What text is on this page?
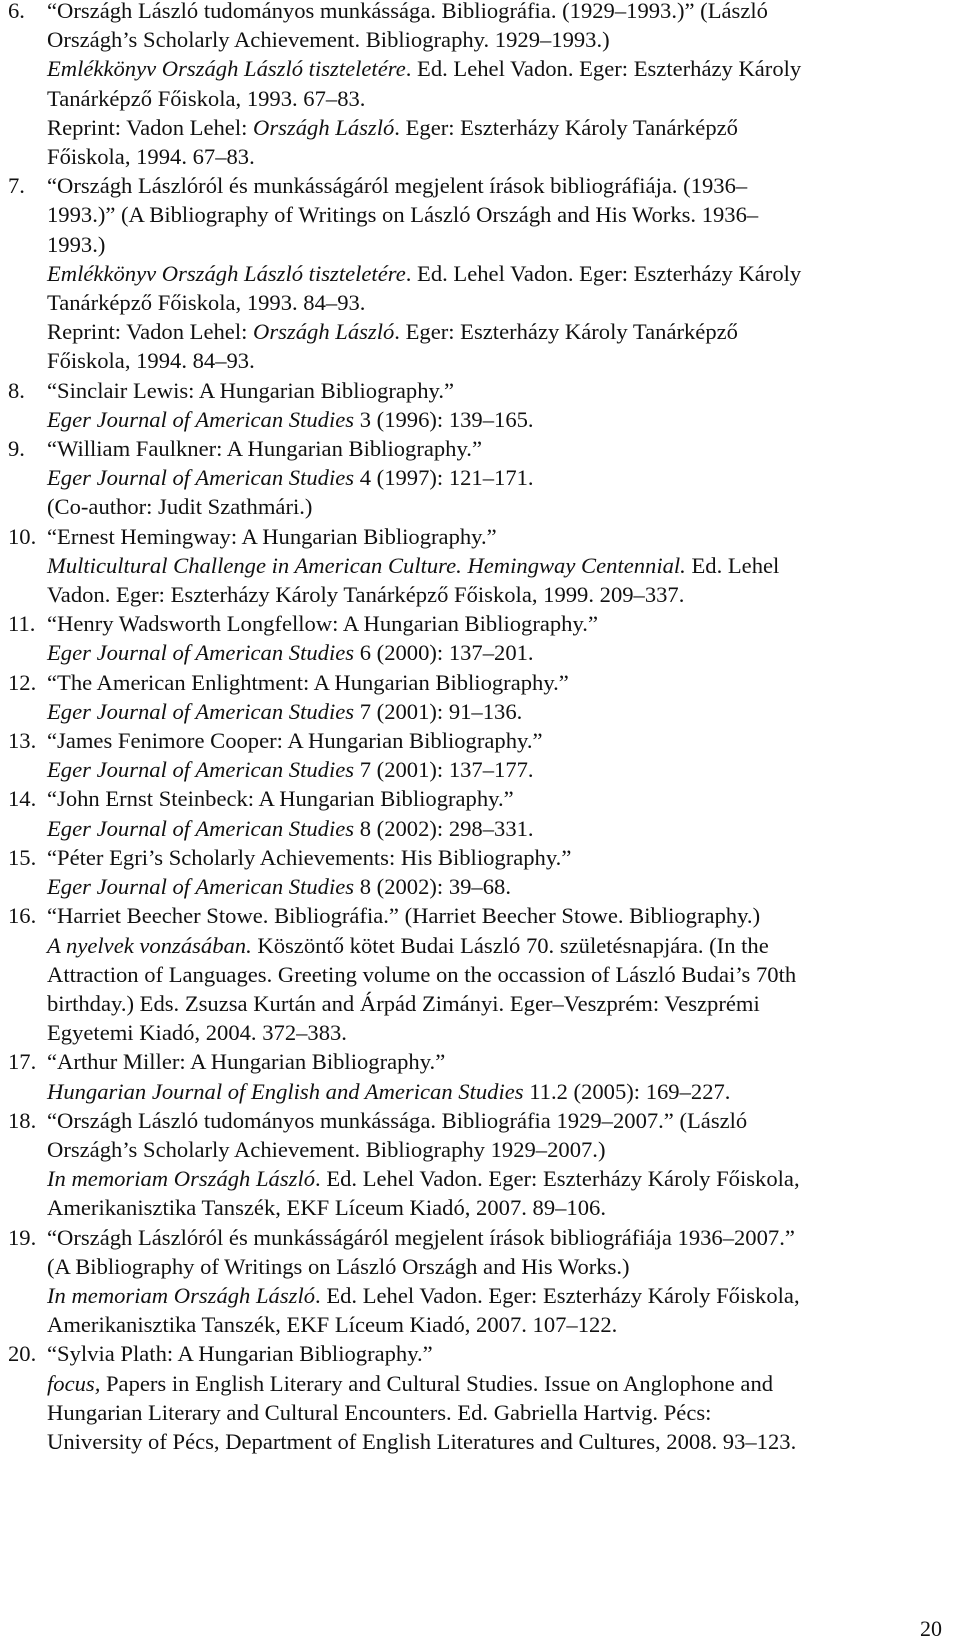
6. “Országh László tudományos munkássága. Bibliográfia. (1929–1993.)” (László
Országh’s Scholarly Achievement. Bibliography. 1929–1993.)
Emlékkönyv Országh László tiszteletére. Ed. Lehel Vadon. Eger: Eszterházy Károly
Tanárképző Főiskola, 1993. 67–83.
Reprint: Vadon Lehel: Országh László. Eger: Eszterházy Károly Tanárképző
Főiskola, 1994. 67–83.
7. “Országh Lászlóról és munkásságáról megjelent írások bibliográfiája. (1936–
1993.)” (A Bibliography of Writings on László Országh and His Works. 1936–
1993.)
Emlékkönyv Országh László tiszteletére. Ed. Lehel Vadon. Eger: Eszterházy Károly
Tanárképző Főiskola, 1993. 84–93.
Reprint: Vadon Lehel: Országh László. Eger: Eszterházy Károly Tanárképző
Főiskola, 1994. 84–93.
8. “Sinclair Lewis: A Hungarian Bibliography.”
Eger Journal of American Studies 3 (1996): 139–165.
9. “William Faulkner: A Hungarian Bibliography.”
Eger Journal of American Studies 4 (1997): 121–171.
(Co-author: Judit Szathmári.)
10. “Ernest Hemingway: A Hungarian Bibliography.”
Multicultural Challenge in American Culture. Hemingway Centennial. Ed. Lehel
Vadon. Eger: Eszterházy Károly Tanárképző Főiskola, 1999. 209–337.
11. “Henry Wadsworth Longfellow: A Hungarian Bibliography.”
Eger Journal of American Studies 6 (2000): 137–201.
12. “The American Enlightment: A Hungarian Bibliography.”
Eger Journal of American Studies 7 (2001): 91–136.
13. “James Fenimore Cooper: A Hungarian Bibliography.”
Eger Journal of American Studies 7 (2001): 137–177.
14. “John Ernst Steinbeck: A Hungarian Bibliography.”
Eger Journal of American Studies 8 (2002): 298–331.
15. “Péter Egri’s Scholarly Achievements: His Bibliography.”
Eger Journal of American Studies 8 (2002): 39–68.
16. “Harriet Beecher Stowe. Bibliográfia.” (Harriet Beecher Stowe. Bibliography.)
A nyelvek vonzásában. Köszöntő kötet Budai László 70. születésnapjára. (In the
Attraction of Languages. Greeting volume on the occassion of László Budai’s 70th
birthday.) Eds. Zsuzsa Kurtán and Árpád Zimányi. Eger–Veszprém: Veszprémi
Egyetemi Kiadó, 2004. 372–383.
17. “Arthur Miller: A Hungarian Bibliography.”
Hungarian Journal of English and American Studies 11.2 (2005): 169–227.
18. “Országh László tudományos munkássága. Bibliográfia 1929–2007.” (László
Országh’s Scholarly Achievement. Bibliography 1929–2007.)
In memoriam Országh László. Ed. Lehel Vadon. Eger: Eszterházy Károly Főiskola,
Amerikanisztika Tanszék, EKF Líceum Kiadó, 2007. 89–106.
19. “Országh Lászlóról és munkásságáról megjelent írások bibliográfiája 1936–2007.”
(A Bibliography of Writings on László Országh and His Works.)
In memoriam Országh László. Ed. Lehel Vadon. Eger: Eszterházy Károly Főiskola,
Amerikanisztika Tanszék, EKF Líceum Kiadó, 2007. 107–122.
20. “Sylvia Plath: A Hungarian Bibliography.”
focus, Papers in English Literary and Cultural Studies. Issue on Anglophone and
Hungarian Literary and Cultural Encounters. Ed. Gabriella Hartvig. Pécs:
University of Pécs, Department of English Literatures and Cultures, 2008. 93–123.
20
